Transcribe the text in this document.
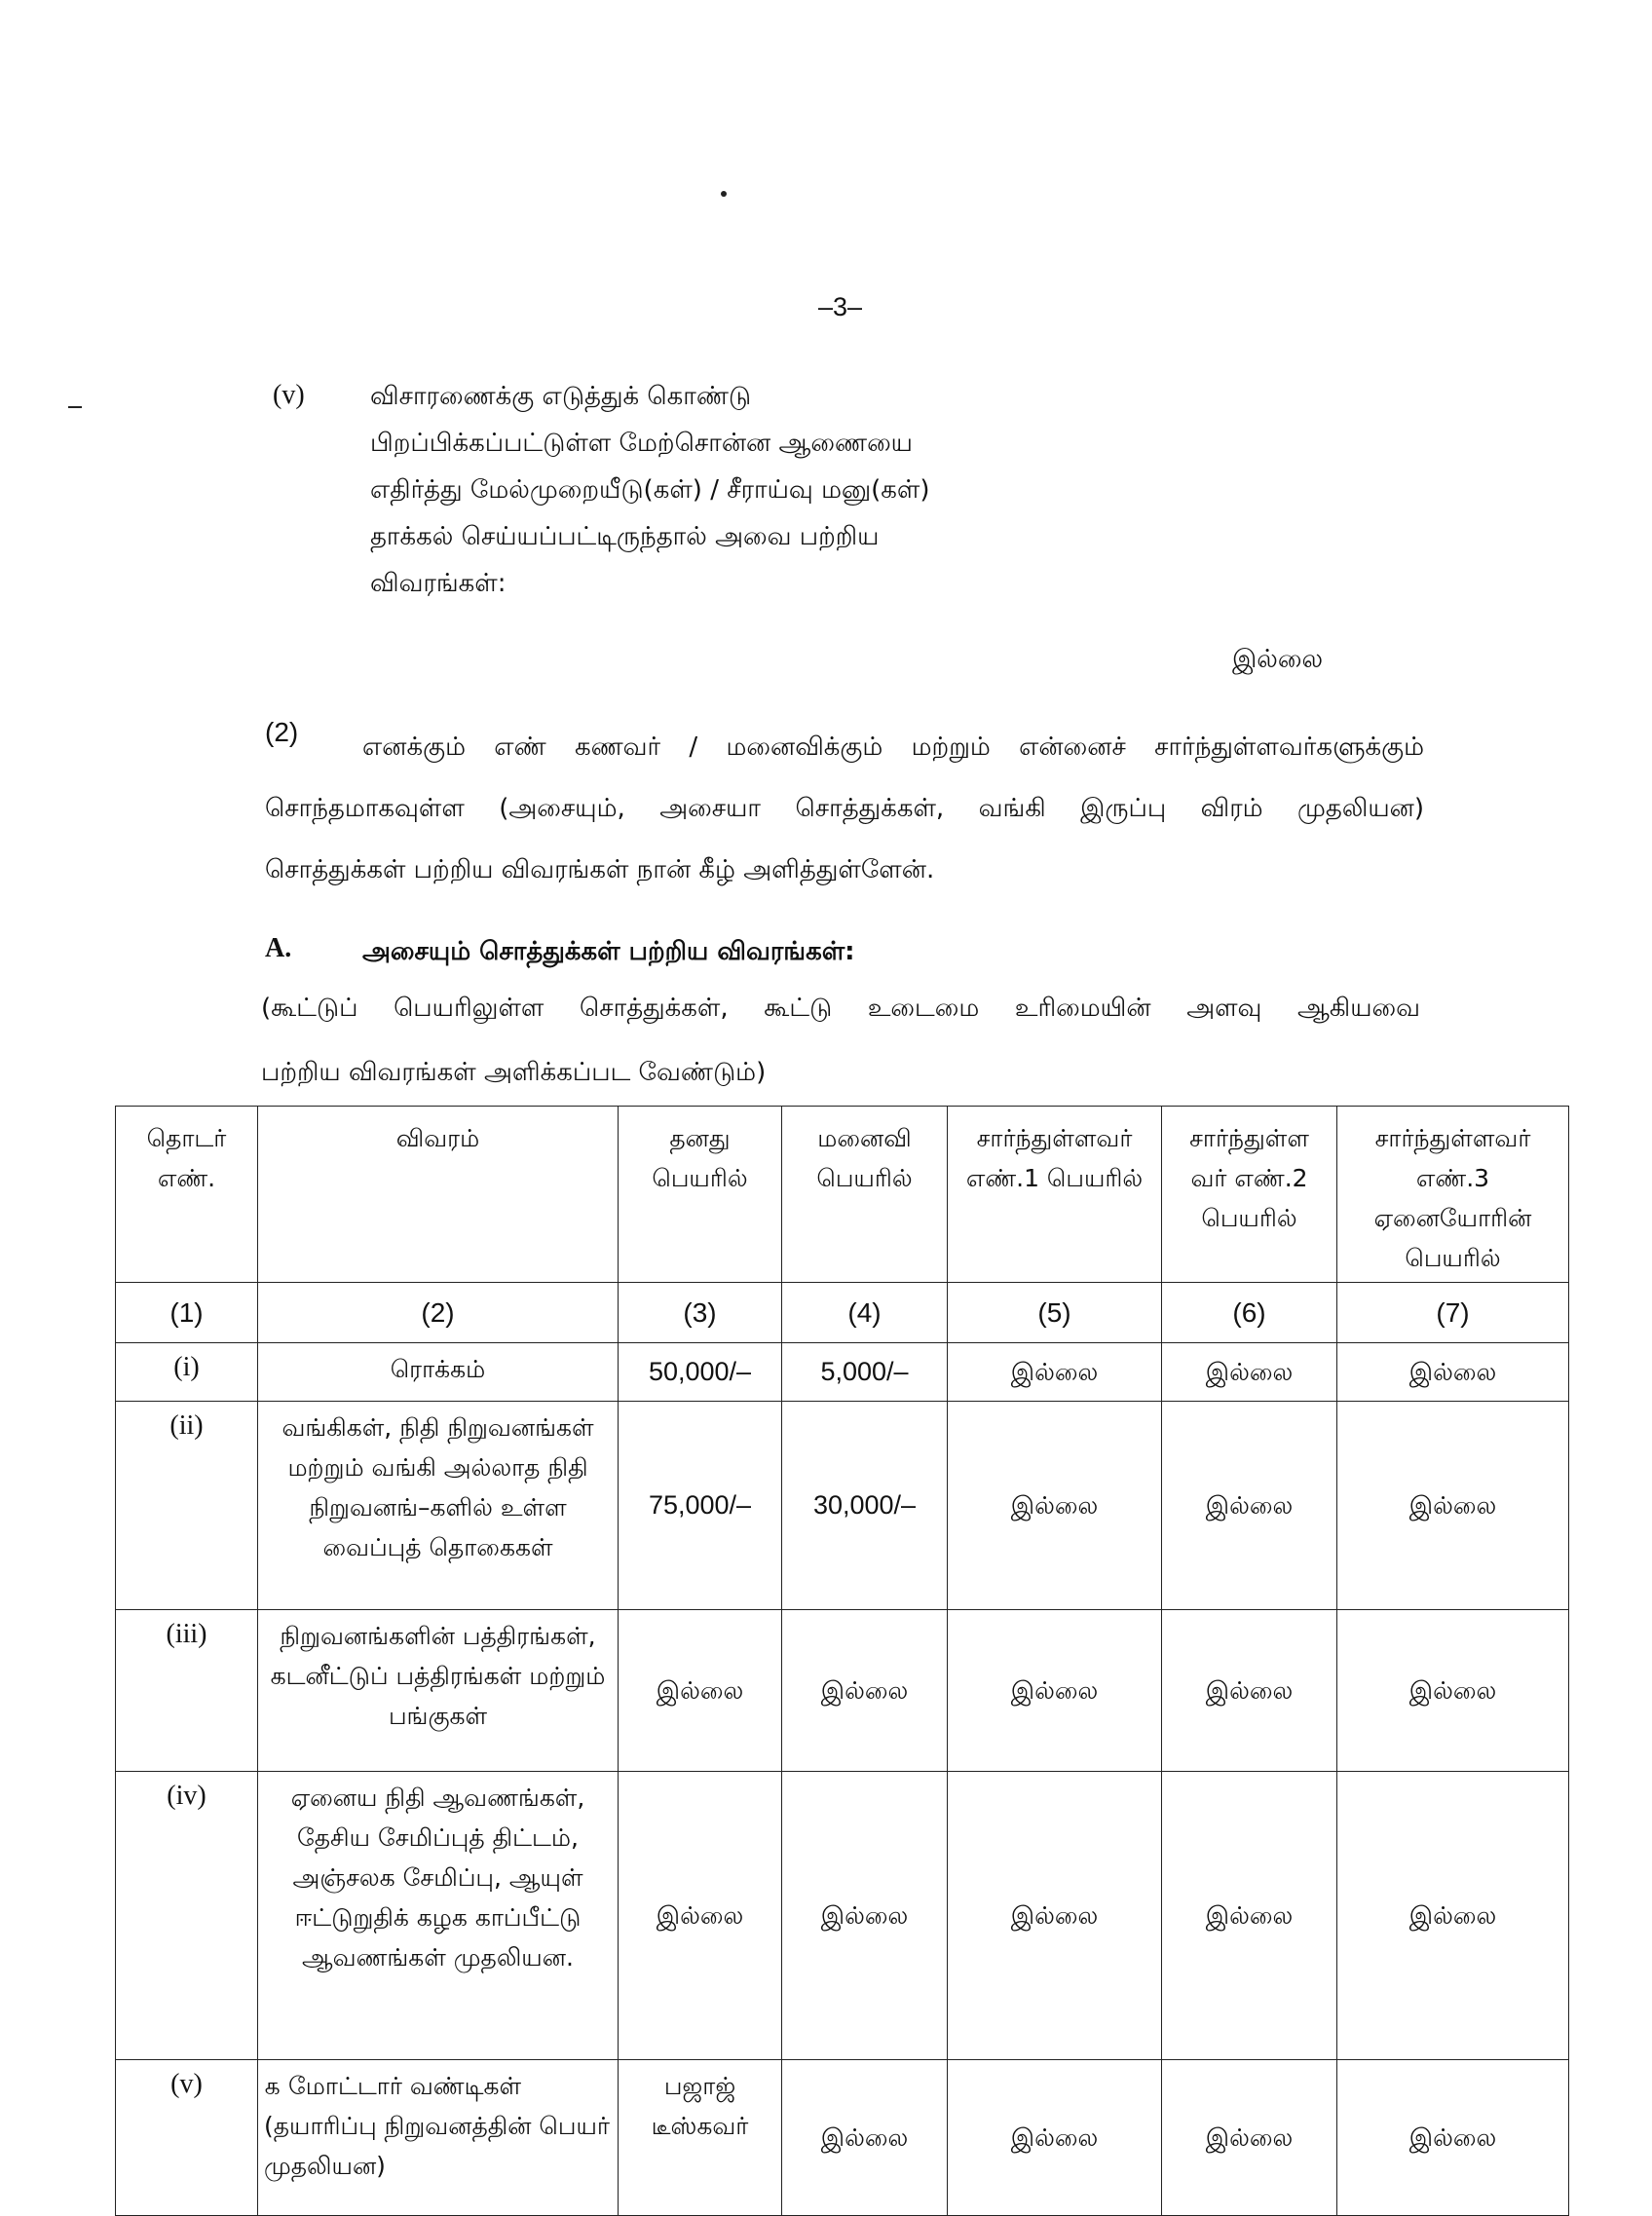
–3–
(v)	விசாரணைக்கு எடுத்துக் கொண்டு
பிறப்பிக்கப்பட்டுள்ள மேற்சொன்ன ஆணையை
எதிர்த்து மேல்முறையீடு(கள்) / சீராய்வு மனு(கள்)
தாக்கல் செய்யப்பட்டிருந்தால் அவை பற்றிய
விவரங்கள்:
இல்லை
(2)	எனக்கும் எண் கணவர் / மனைவிக்கும் மற்றும் என்னைச் சார்ந்துள்ளவர்களுக்கும்
சொந்தமாகவுள்ள (அசையும், அசையா சொத்துக்கள், வங்கி இருப்பு விரம் முதலியன)
சொத்துக்கள் பற்றிய விவரங்கள் நான் கீழ் அளித்துள்ளேன்.
A.	அசையும் சொத்துக்கள் பற்றிய விவரங்கள்:
(கூட்டுப் பெயரிலுள்ள சொத்துக்கள், கூட்டு உடைமை உரிமையின் அளவு ஆகியவை
பற்றிய விவரங்கள் அளிக்கப்பட வேண்டும்)
தொடர் எண்.	விவரம்	தனது பெயரில்	மனைவி பெயரில்	சார்ந்துள்ளவர் எண்.1 பெயரில்	சார்ந்துள்ள வர் எண்.2 பெயரில்	சார்ந்துள்ளவர் எண்.3 ஏனையோரின் பெயரில்
(1)	(2)	(3)	(4)	(5)	(6)	(7)
(i)	ரொக்கம்	50,000/–	5,000/–	இல்லை	இல்லை	இல்லை
(ii)	வங்கிகள், நிதி நிறுவனங்கள் மற்றும் வங்கி அல்லாத நிதி நிறுவனங்–களில் உள்ள வைப்புத் தொகைகள்	75,000/–	30,000/–	இல்லை	இல்லை	இல்லை
(iii)	நிறுவனங்களின் பத்திரங்கள், கடனீட்டுப் பத்திரங்கள் மற்றும் பங்குகள்	இல்லை	இல்லை	இல்லை	இல்லை	இல்லை
(iv)	ஏனைய நிதி ஆவணங்கள், தேசிய சேமிப்புத் திட்டம், அஞ்சலக சேமிப்பு, ஆயுள் ஈட்டுறுதிக் கழக காப்பீட்டு ஆவணங்கள் முதலியன.	இல்லை	இல்லை	இல்லை	இல்லை	இல்லை
(v)	௧ மோட்டார் வண்டிகள் (தயாரிப்பு நிறுவனத்தின் பெயர் முதலியன)	பஜாஜ் டீஸ்கவர்	இல்லை	இல்லை	இல்லை	இல்லை
